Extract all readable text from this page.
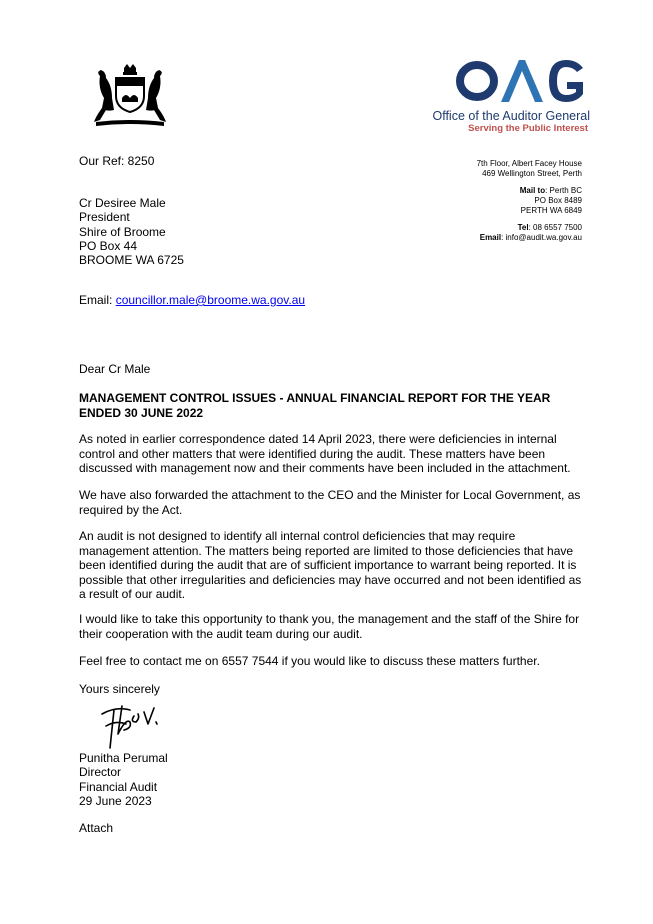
Office of the Auditor General
Serving the Public Interest
Our Ref: 8250	7th Floor, Albert Facey House
469 Wellington Street, Perth
Mail to: Perth BC
PO Box 8489
PERTH WA 6849
Tel: 08 6557 7500
Email: info@audit.wa.gov.au
Cr Desiree Male
President
Shire of Broome
PO Box 44
BROOME WA 6725
Email: councillor.male@broome.wa.gov.au
Dear Cr Male
MANAGEMENT CONTROL ISSUES - ANNUAL FINANCIAL REPORT FOR THE YEAR
ENDED 30 JUNE 2022
As noted in earlier correspondence dated 14 April 2023, there were deficiencies in internal
control and other matters that were identified during the audit. These matters have been
discussed with management now and their comments have been included in the attachment.
We have also forwarded the attachment to the CEO and the Minister for Local Government, as
required by the Act.
An audit is not designed to identify all internal control deficiencies that may require
management attention. The matters being reported are limited to those deficiencies that have
been identified during the audit that are of sufficient importance to warrant being reported. It is
possible that other irregularities and deficiencies may have occurred and not been identified as
a result of our audit.
I would like to take this opportunity to thank you, the management and the staff of the Shire for
their cooperation with the audit team during our audit.
Feel free to contact me on 6557 7544 if you would like to discuss these matters further.
Yours sincerely
Punitha Perumal
Director
Financial Audit
29 June 2023
Attach
